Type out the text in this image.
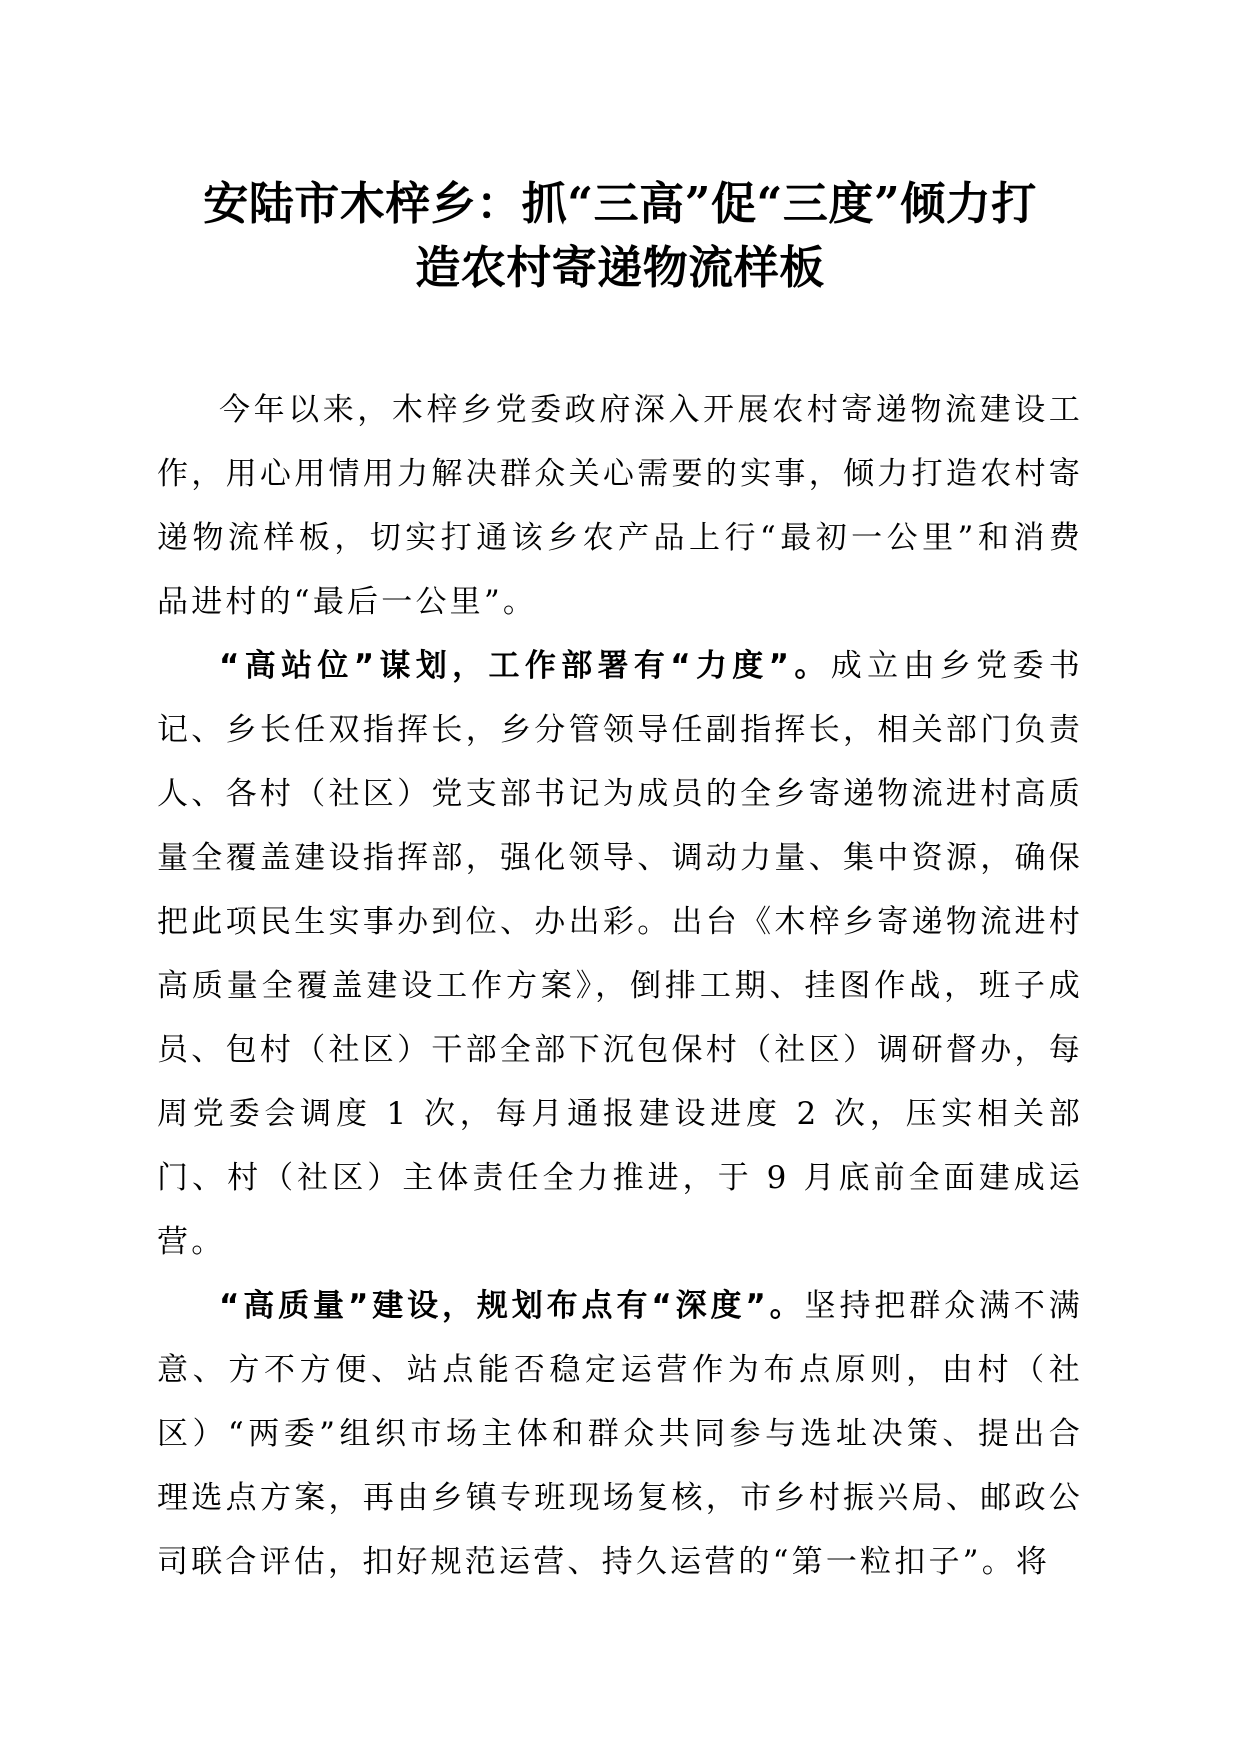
安陆市木梓乡：抓“三高”促“三度”倾力打
造农村寄递物流样板

今年以来，木梓乡党委政府深入开展农村寄递物流建设工作，用心用情用力解决群众关心需要的实事，倾力打造农村寄递物流样板，切实打通该乡农产品上行“最初一公里”和消费品进村的“最后一公里”。

“高站位”谋划，工作部署有“力度”。成立由乡党委书记、乡长任双指挥长，乡分管领导任副指挥长，相关部门负责人、各村（社区）党支部书记为成员的全乡寄递物流进村高质量全覆盖建设指挥部，强化领导、调动力量、集中资源，确保把此项民生实事办到位、办出彩。出台《木梓乡寄递物流进村高质量全覆盖建设工作方案》，倒排工期、挂图作战，班子成员、包村（社区）干部全部下沉包保村（社区）调研督办，每周党委会调度 1 次，每月通报建设进度 2 次，压实相关部门、村（社区）主体责任全力推进，于 9 月底前全面建成运营。

“高质量”建设，规划布点有“深度”。坚持把群众满不满意、方不方便、站点能否稳定运营作为布点原则，由村（社区）“两委”组织市场主体和群众共同参与选址决策、提出合理选点方案，再由乡镇专班现场复核，市乡村振兴局、邮政公司联合评估，扣好规范运营、持久运营的“第一粒扣子”。将
